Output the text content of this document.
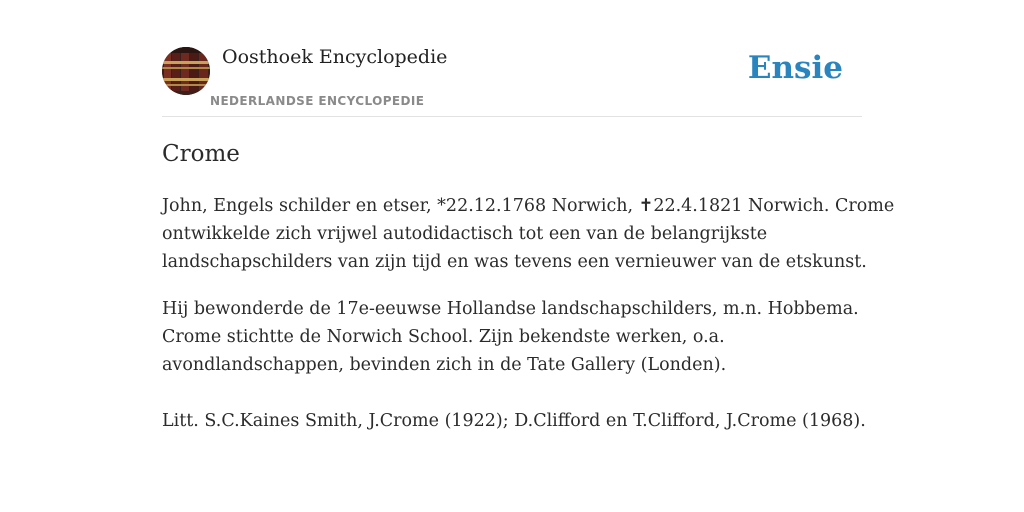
Oosthoek Encyclopedie
NEDERLANDSE ENCYCLOPEDIE
Ensie
Crome

John, Engels schilder en etser, *22.12.1768 Norwich, ✝22.4.1821 Norwich. Crome
ontwikkelde zich vrijwel autodidactisch tot een van de belangrijkste
landschapschilders van zijn tijd en was tevens een vernieuwer van de etskunst.

Hij bewonderde de 17e-eeuwse Hollandse landschapschilders, m.n. Hobbema.
Crome stichtte de Norwich School. Zijn bekendste werken, o.a.
avondlandschappen, bevinden zich in de Tate Gallery (Londen).

Litt. S.C.Kaines Smith, J.Crome (1922); D.Clifford en T.Clifford, J.Crome (1968).
